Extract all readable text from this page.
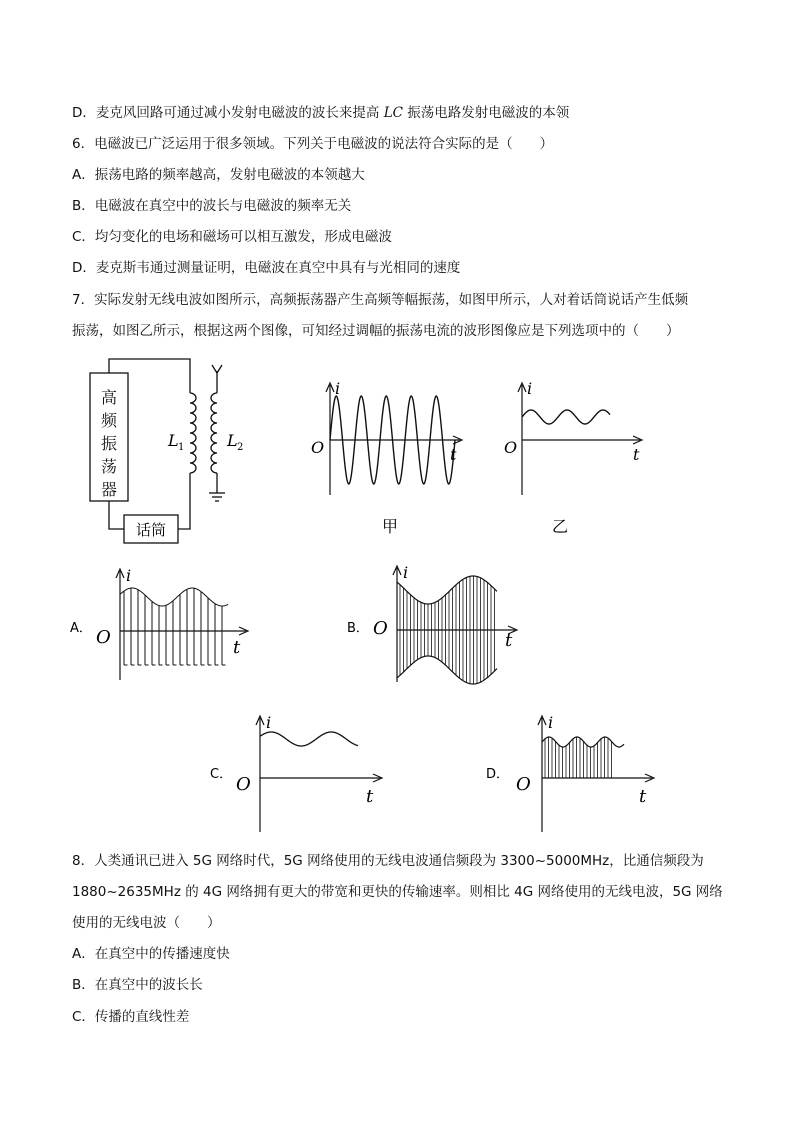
D．麦克风回路可通过减小发射电磁波的波长来提高 LC 振荡电路发射电磁波的本领
6．电磁波已广泛运用于很多领域。下列关于电磁波的说法符合实际的是（　　）
A．振荡电路的频率越高，发射电磁波的本领越大
B．电磁波在真空中的波长与电磁波的频率无关
C．均匀变化的电场和磁场可以相互激发，形成电磁波
D．麦克斯韦通过测量证明，电磁波在真空中具有与光相同的速度
7．实际发射无线电波如图所示，高频振荡器产生高频等幅振荡，如图甲所示，人对着话筒说话产生低频
振荡，如图乙所示，根据这两个图像，可知经过调幅的振荡电流的波形图像应是下列选项中的（　　）
高
频
振
荡
器
话筒
L 1	L 2
i
O	t
甲
i
O	t
乙
A．
i
O	t
B．
i
O
t
C．
i
O
t
D．
i
O
t
8．人类通讯已进入 5G 网络时代，5G 网络使用的无线电波通信频段为 3300~5000MHz，比通信频段为
1880~2635MHz 的 4G 网络拥有更大的带宽和更快的传输速率。则相比 4G 网络使用的无线电波，5G 网络
使用的无线电波（　　）
A．在真空中的传播速度快
B．在真空中的波长长
C．传播的直线性差
